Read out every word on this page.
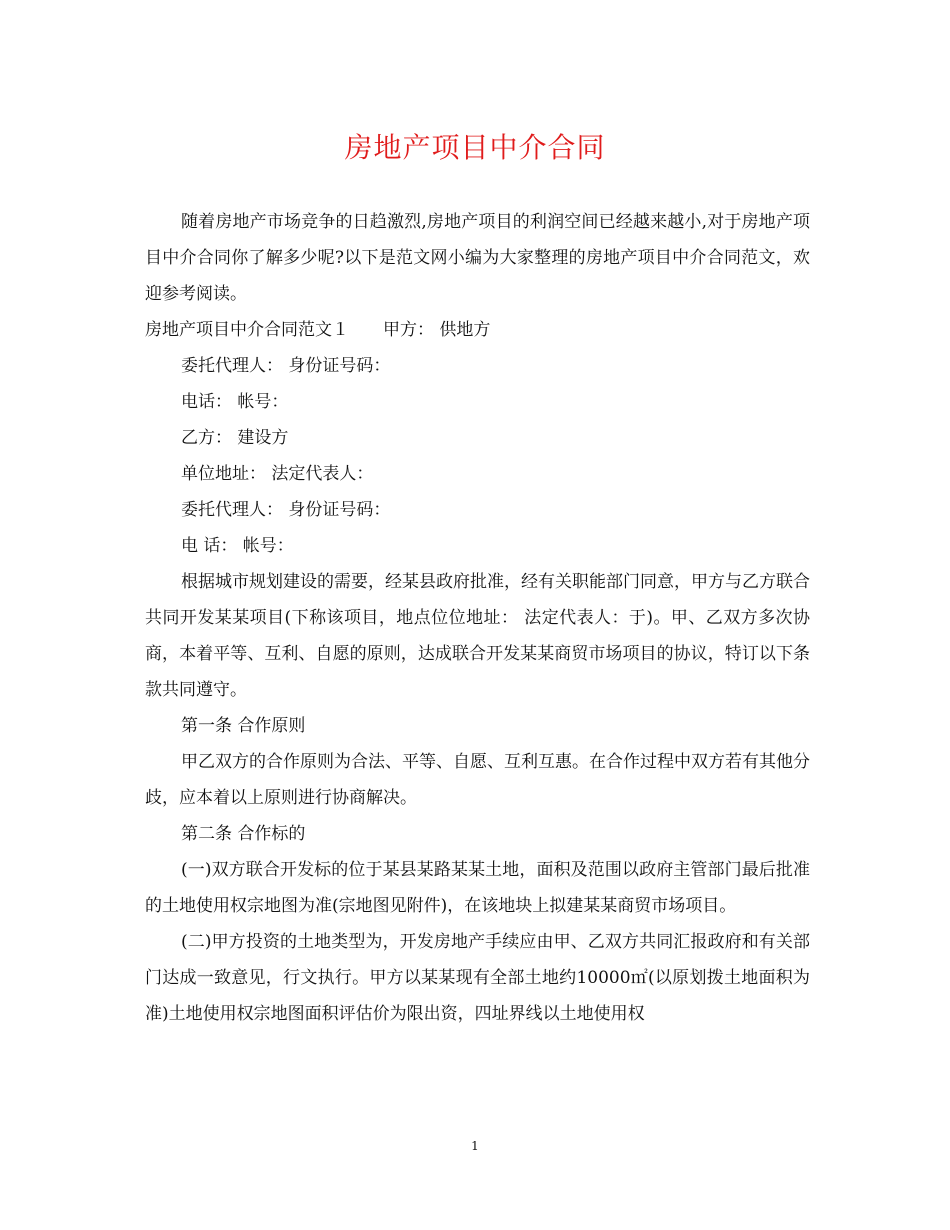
房地产项目中介合同

随着房地产市场竞争的日趋激烈,房地产项目的利润空间已经越来越小,对于房地产项目中介合同你了解多少呢?以下是范文网小编为大家整理的房地产项目中介合同范文，欢迎参考阅读。

房地产项目中介合同范文１ 甲方： 供地方

委托代理人： 身份证号码：

电话： 帐号：

乙方： 建设方

单位地址： 法定代表人：

委托代理人： 身份证号码：

电 话： 帐号：

根据城市规划建设的需要，经某县政府批准，经有关职能部门同意，甲方与乙方联合共同开发某某项目(下称该项目，地点位位地址： 法定代表人：于)。甲、乙双方多次协商，本着平等、互利、自愿的原则，达成联合开发某某商贸市场项目的协议，特订以下条款共同遵守。

第一条 合作原则

甲乙双方的合作原则为合法、平等、自愿、互利互惠。在合作过程中双方若有其他分歧，应本着以上原则进行协商解决。

第二条 合作标的

(一)双方联合开发标的位于某县某路某某土地，面积及范围以政府主管部门最后批准的土地使用权宗地图为准(宗地图见附件)，在该地块上拟建某某商贸市场项目。

(二)甲方投资的土地类型为，开发房地产手续应由甲、乙双方共同汇报政府和有关部门达成一致意见，行文执行。甲方以某某现有全部土地约10000㎡(以原划拨土地面积为准)土地使用权宗地图面积评估价为限出资，四址界线以土地使用权

1
